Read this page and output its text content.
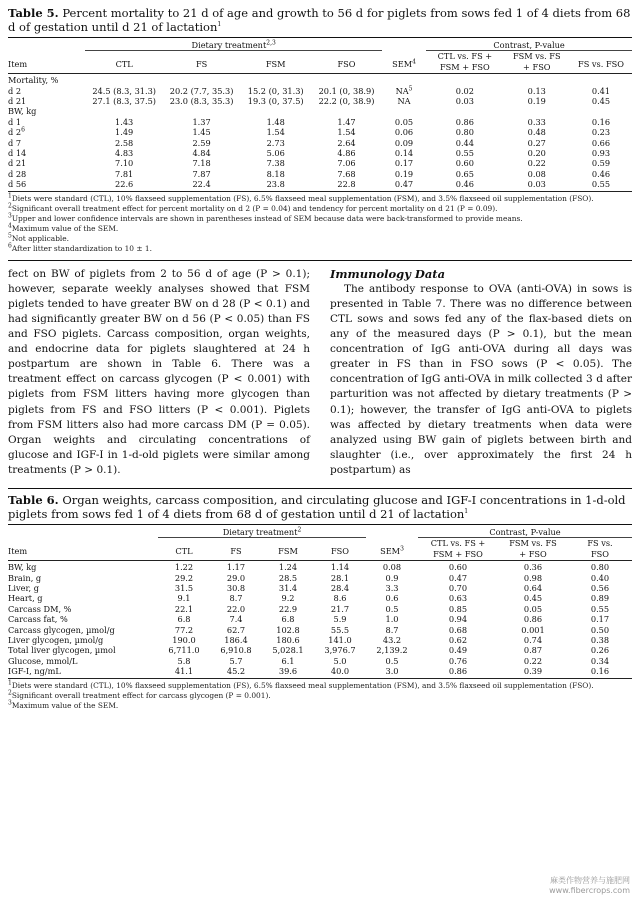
Table 5. Percent mortality to 21 d of age and growth to 56 d for piglets from sows fed 1 of 4 diets from 68 d of gestation until d 21 of lactation$^1$

	Dietary treatment$^{2,3}$					Contrast, P-value		
Item	CTL	FS	FSM	FSO	SEM$^4$	CTL vs. FS +
FSM + FSO	FSM vs. FS
+ FSO	FS vs. FSO

Mortality, %								
d 2	24.5 (8.3, 31.3)	20.2 (7.7, 35.3)	15.2 (0, 31.3)	20.1 (0, 38.9)	$NA^5$	0.02	0.13	0.41
d 21	27.1 (8.3, 37.5)	23.0 (8.3, 35.3)	19.3 (0, 37.5)	22.2 (0, 38.9)	NA	0.03	0.19	0.45
BW, kg								
d 1	1.43	1.37	1.48	1.47	0.05	0.86	0.33	0.16
d $2^6$	1.49	1.45	1.54	1.54	0.06	0.80	0.48	0.23
d 7	2.58	2.59	2.73	2.64	0.09	0.44	0.27	0.66
d 14	4.83	4.84	5.06	4.86	0.14	0.55	0.20	0.93
d 21	7.10	7.18	7.38	7.06	0.17	0.60	0.22	0.59
d 28	7.81	7.87	8.18	7.68	0.19	0.65	0.08	0.46
d 56	22.6	22.4	23.8	22.8	0.47	0.46	0.03	0.55

$^1$Diets were standard (CTL), 10% flaxseed supplementation (FS), 6.5% flaxseed meal supplementation (FSM), and 3.5% flaxseed oil supplementation (FSO).

$^2$Significant overall treatment effect for percent mortality on d 2 (P = 0.04) and tendency for percent mortality on d 21 (P = 0.09).

$^3$Upper and lower confidence intervals are shown in parentheses instead of SEM because data were back-transformed to provide means.

$^4$Maximum value of the SEM.

$^5$Not applicable.

$^6$After litter standardization to 10 ± 1.

fect on BW of piglets from 2 to 56 d of age (P > 0.1); however, separate weekly analyses showed that FSM piglets tended to have greater BW on d 28 (P < 0.1) and had significantly greater BW on d 56 (P < 0.05) than FS and FSO piglets. Carcass composition, organ weights, and endocrine data for piglets slaughtered at 24 h postpartum are shown in Table 6. There was a treatment effect on carcass glycogen (P < 0.001) with piglets from FSM litters having more glycogen than piglets from FS and FSO litters (P < 0.001). Piglets from FSM litters also had more carcass DM (P = 0.05). Organ weights and circulating concentrations of glucose and IGF-I in 1-d-old piglets were similar among treatments (P > 0.1).

Immunology Data

The antibody response to OVA (anti-OVA) in sows is presented in Table 7. There was no difference between CTL sows and sows fed any of the flax-based diets on any of the measured days (P > 0.1), but the mean concentration of IgG anti-OVA during all days was greater in FS than in FSO sows (P < 0.05). The concentration of IgG anti-OVA in milk collected 3 d after parturition was not affected by dietary treatments (P > 0.1); however, the transfer of IgG anti-OVA to piglets was affected by dietary treatments when data were analyzed using BW gain of piglets between birth and slaughter (i.e., over approximately the first 24 h postpartum) as

Table 6. Organ weights, carcass composition, and circulating glucose and IGF-I concentrations in 1-d-old piglets from sows fed 1 of 4 diets from 68 d of gestation until d 21 of lactation$^1$

	Dietary treatment$^2$					Contrast, P-value		
Item	CTL	FS	FSM	FSO	SEM$^3$	CTL vs. FS +
FSM + FSO	FSM vs. FS
+ FSO	FS vs.
FSO

BW, kg	1.22	1.17	1.24	1.14	0.08	0.60	0.36	0.80
Brain, g	29.2	29.0	28.5	28.1	0.9	0.47	0.98	0.40
Liver, g	31.5	30.8	31.4	28.4	3.3	0.70	0.64	0.56
Heart, g	9.1	8.7	9.2	8.6	0.6	0.63	0.45	0.89
Carcass DM, %	22.1	22.0	22.9	21.7	0.5	0.85	0.05	0.55
Carcass fat, %	6.8	7.4	6.8	5.9	1.0	0.94	0.86	0.17
Carcass glycogen, µmol/g	77.2	62.7	102.8	55.5	8.7	0.68	0.001	0.50
Liver glycogen, µmol/g	190.0	186.4	180.6	141.0	43.2	0.62	0.74	0.38
Total liver glycogen, µmol	6,711.0	6,910.8	5,028.1	3,976.7	2,139.2	0.49	0.87	0.26
Glucose, mmol/L	5.8	5.7	6.1	5.0	0.5	0.76	0.22	0.34
IGF-I, ng/mL	41.1	45.2	39.6	40.0	3.0	0.86	0.39	0.16

$^1$Diets were standard (CTL), 10% flaxseed supplementation (FS), 6.5% flaxseed meal supplementation (FSM), and 3.5% flaxseed oil supplementation (FSO).

$^2$Significant overall treatment effect for carcass glycogen (P = 0.001).

$^3$Maximum value of the SEM.

麻类作物营养与施肥网
www.fibercrops.com
